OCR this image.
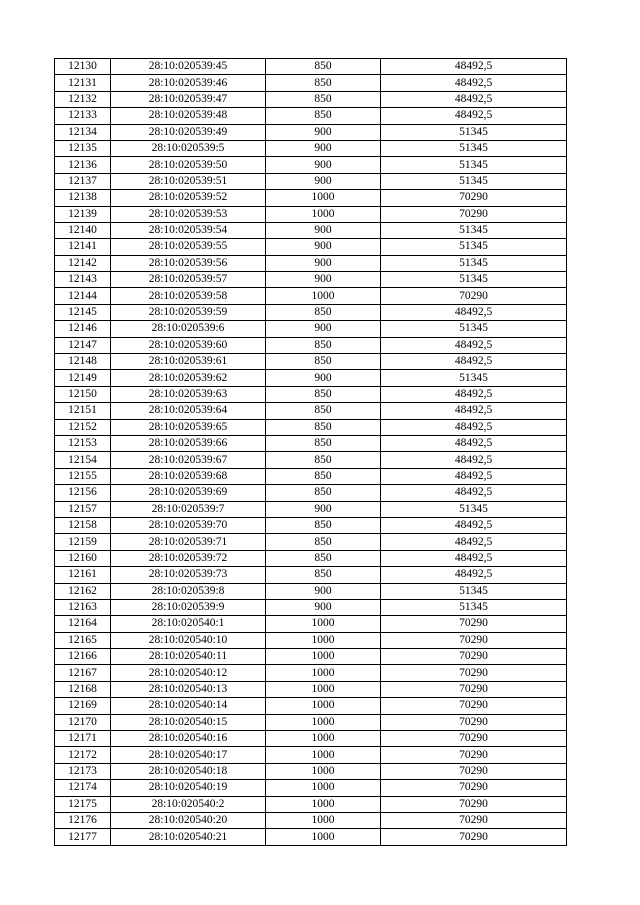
12130	28:10:020539:45	850	48492,5
12131	28:10:020539:46	850	48492,5
12132	28:10:020539:47	850	48492,5
12133	28:10:020539:48	850	48492,5
12134	28:10:020539:49	900	51345
12135	28:10:020539:5	900	51345
12136	28:10:020539:50	900	51345
12137	28:10:020539:51	900	51345
12138	28:10:020539:52	1000	70290
12139	28:10:020539:53	1000	70290
12140	28:10:020539:54	900	51345
12141	28:10:020539:55	900	51345
12142	28:10:020539:56	900	51345
12143	28:10:020539:57	900	51345
12144	28:10:020539:58	1000	70290
12145	28:10:020539:59	850	48492,5
12146	28:10:020539:6	900	51345
12147	28:10:020539:60	850	48492,5
12148	28:10:020539:61	850	48492,5
12149	28:10:020539:62	900	51345
12150	28:10:020539:63	850	48492,5
12151	28:10:020539:64	850	48492,5
12152	28:10:020539:65	850	48492,5
12153	28:10:020539:66	850	48492,5
12154	28:10:020539:67	850	48492,5
12155	28:10:020539:68	850	48492,5
12156	28:10:020539:69	850	48492,5
12157	28:10:020539:7	900	51345
12158	28:10:020539:70	850	48492,5
12159	28:10:020539:71	850	48492,5
12160	28:10:020539:72	850	48492,5
12161	28:10:020539:73	850	48492,5
12162	28:10:020539:8	900	51345
12163	28:10:020539:9	900	51345
12164	28:10:020540:1	1000	70290
12165	28:10:020540:10	1000	70290
12166	28:10:020540:11	1000	70290
12167	28:10:020540:12	1000	70290
12168	28:10:020540:13	1000	70290
12169	28:10:020540:14	1000	70290
12170	28:10:020540:15	1000	70290
12171	28:10:020540:16	1000	70290
12172	28:10:020540:17	1000	70290
12173	28:10:020540:18	1000	70290
12174	28:10:020540:19	1000	70290
12175	28:10:020540:2	1000	70290
12176	28:10:020540:20	1000	70290
12177	28:10:020540:21	1000	70290
